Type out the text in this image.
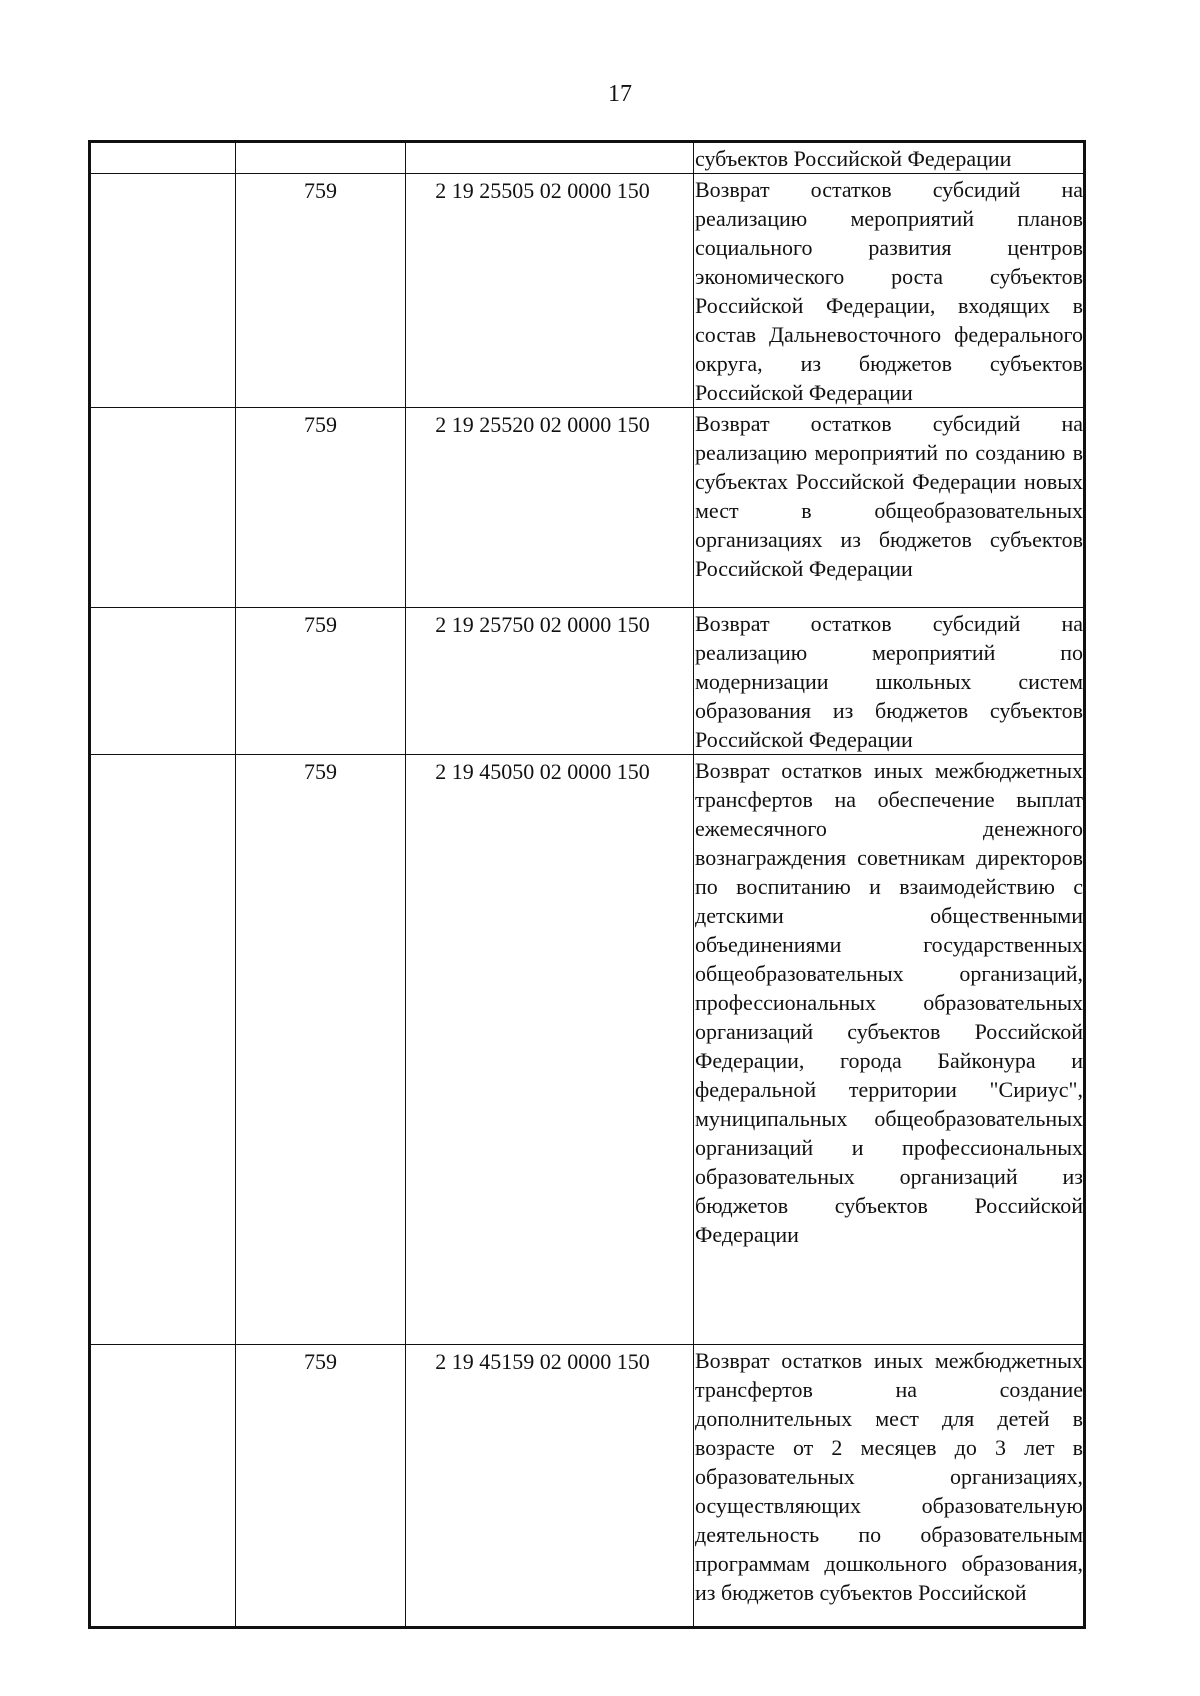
17
			субъектов Российской Федерации
	759	2 19 25505 02 0000 150	Возврат остатков субсидий на реализацию мероприятий планов социального развития центров экономического роста субъектов Российской Федерации, входящих в состав Дальневосточного федерального округа, из бюджетов субъектов Российской Федерации
	759	2 19 25520 02 0000 150	Возврат остатков субсидий на реализацию мероприятий по созданию в субъектах Российской Федерации новых мест в общеобразовательных организациях из бюджетов субъектов Российской Федерации
	759	2 19 25750 02 0000 150	Возврат остатков субсидий на реализацию мероприятий по модернизации школьных систем образования из бюджетов субъектов Российской Федерации
	759	2 19 45050 02 0000 150	Возврат остатков иных межбюджетных трансфертов на обеспечение выплат ежемесячного денежного вознаграждения советникам директоров по воспитанию и взаимодействию с детскими общественными объединениями государственных общеобразовательных организаций, профессиональных образовательных организаций субъектов Российской Федерации, города Байконура и федеральной территории "Сириус", муниципальных общеобразовательных организаций и профессиональных образовательных организаций из бюджетов субъектов Российской Федерации
	759	2 19 45159 02 0000 150	Возврат остатков иных межбюджетных трансфертов на создание дополнительных мест для детей в возрасте от 2 месяцев до 3 лет в образовательных организациях, осуществляющих образовательную деятельность по образовательным программам дошкольного образования, из бюджетов субъектов Российской
